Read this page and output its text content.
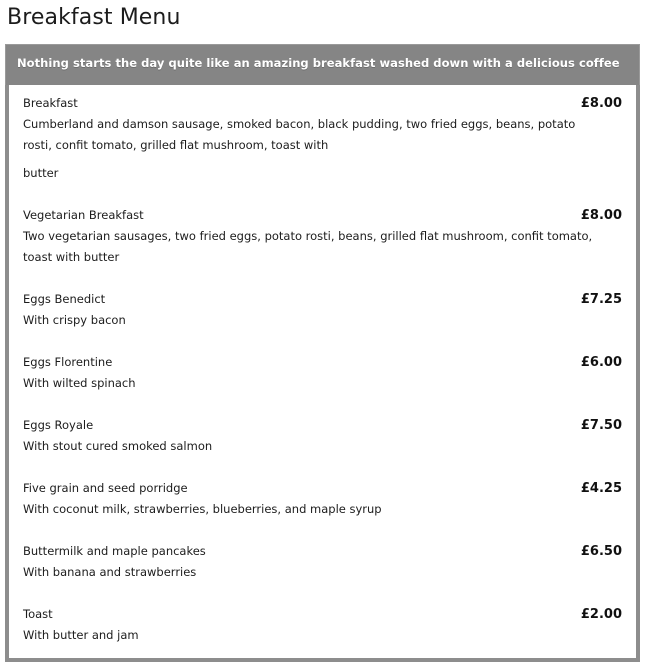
Breakfast Menu
Nothing starts the day quite like an amazing breakfast washed down with a delicious coffee
Breakfast	£8.00
Cumberland and damson sausage, smoked bacon, black pudding, two fried eggs, beans, potato rosti, confit tomato, grilled flat mushroom, toast with
butter
Vegetarian Breakfast	£8.00
Two vegetarian sausages, two fried eggs, potato rosti, beans, grilled flat mushroom, confit tomato, toast with butter
Eggs Benedict	£7.25
With crispy bacon
Eggs Florentine	£6.00
With wilted spinach
Eggs Royale	£7.50
With stout cured smoked salmon
Five grain and seed porridge	£4.25
With coconut milk, strawberries, blueberries, and maple syrup
Buttermilk and maple pancakes	£6.50
With banana and strawberries
Toast	£2.00
With butter and jam
